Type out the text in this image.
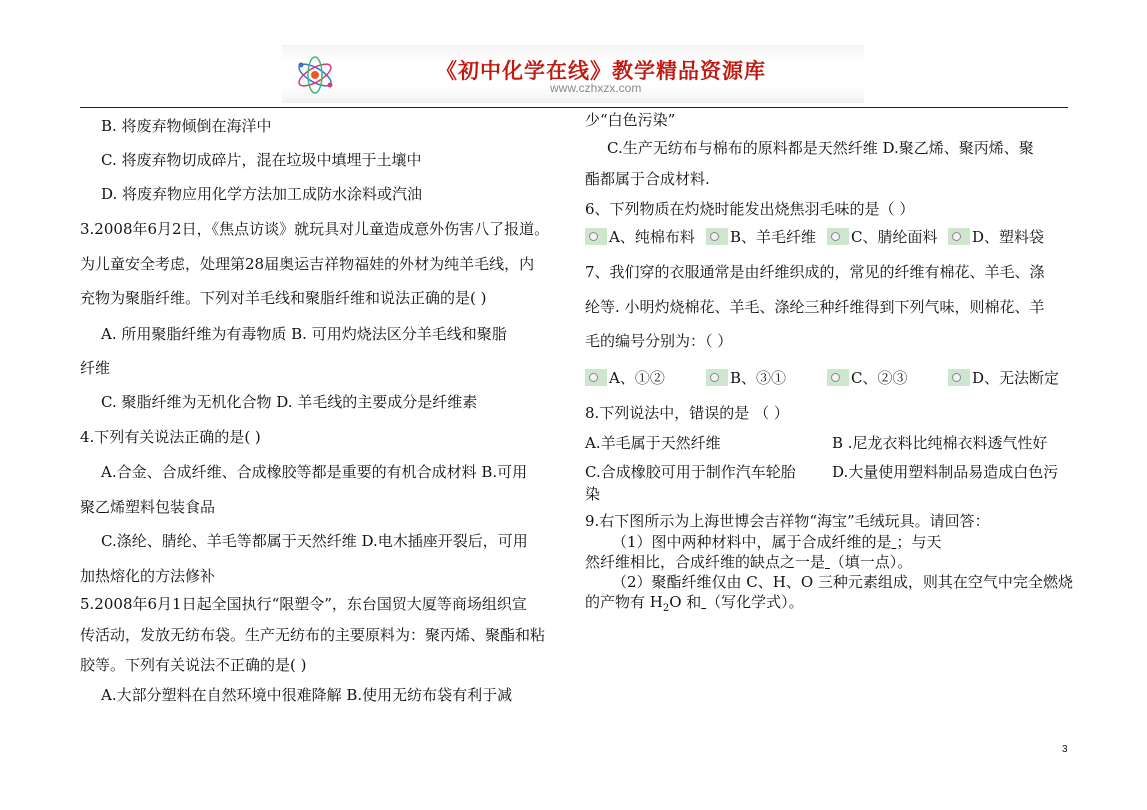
《初中化学在线》教学精品资源库
www.czhxzx.com
B. 将废弃物倾倒在海洋中
C. 将废弃物切成碎片，混在垃圾中填埋于土壤中
D. 将废弃物应用化学方法加工成防水涂料或汽油
3.2008年6月2日，《焦点访谈》就玩具对儿童造成意外伤害八了报道。
为儿童安全考虑，处理第28届奥运吉祥物福娃的外材为纯羊毛线，内
充物为聚脂纤维。下列对羊毛线和聚脂纤维和说法正确的是( )
A. 所用聚脂纤维为有毒物质 B. 可用灼烧法区分羊毛线和聚脂
纤维
C. 聚脂纤维为无机化合物 D. 羊毛线的主要成分是纤维素
4.下列有关说法正确的是( )
A.合金、合成纤维、合成橡胶等都是重要的有机合成材料 B.可用
聚乙烯塑料包装食品
C.涤纶、腈纶、羊毛等都属于天然纤维 D.电木插座开裂后，可用
加热熔化的方法修补
5.2008年6月1日起全国执行“限塑令”，东台国贸大厦等商场组织宣
传活动，发放无纺布袋。生产无纺布的主要原料为：聚丙烯、聚酯和粘
胶等。下列有关说法不正确的是( )
A.大部分塑料在自然环境中很难降解 B.使用无纺布袋有利于减
少“白色污染”
C.生产无纺布与棉布的原料都是天然纤维 D.聚乙烯、聚丙烯、聚
酯都属于合成材料.
6、下列物质在灼烧时能发出烧焦羽毛味的是（ ）
A、纯棉布料	B、羊毛纤维	C、腈纶面料	D、塑料袋
7、我们穿的衣服通常是由纤维织成的，常见的纤维有棉花、羊毛、涤
纶等. 小明灼烧棉花、羊毛、涤纶三种纤维得到下列气味，则棉花、羊
毛的编号分别为：（ ）
A、①②	B、③①	C、②③	D、无法断定
8.下列说法中，错误的是 （ ）
A.羊毛属于天然纤维	B .尼龙衣料比纯棉衣料透气性好
C.合成橡胶可用于制作汽车轮胎 D.大量使用塑料制品易造成白色污
染
9.右下图所示为上海世博会吉祥物“海宝”毛绒玩具。请回答：
（1）图中两种材料中，属于合成纤维的是 ；与天
然纤维相比，合成纤维的缺点之一是 （填一点）。
（2）聚酯纤维仅由 C、H、O 三种元素组成，则其在空气中完全燃烧
的产物有 $H_2O$ 和 （写化学式）。
3
